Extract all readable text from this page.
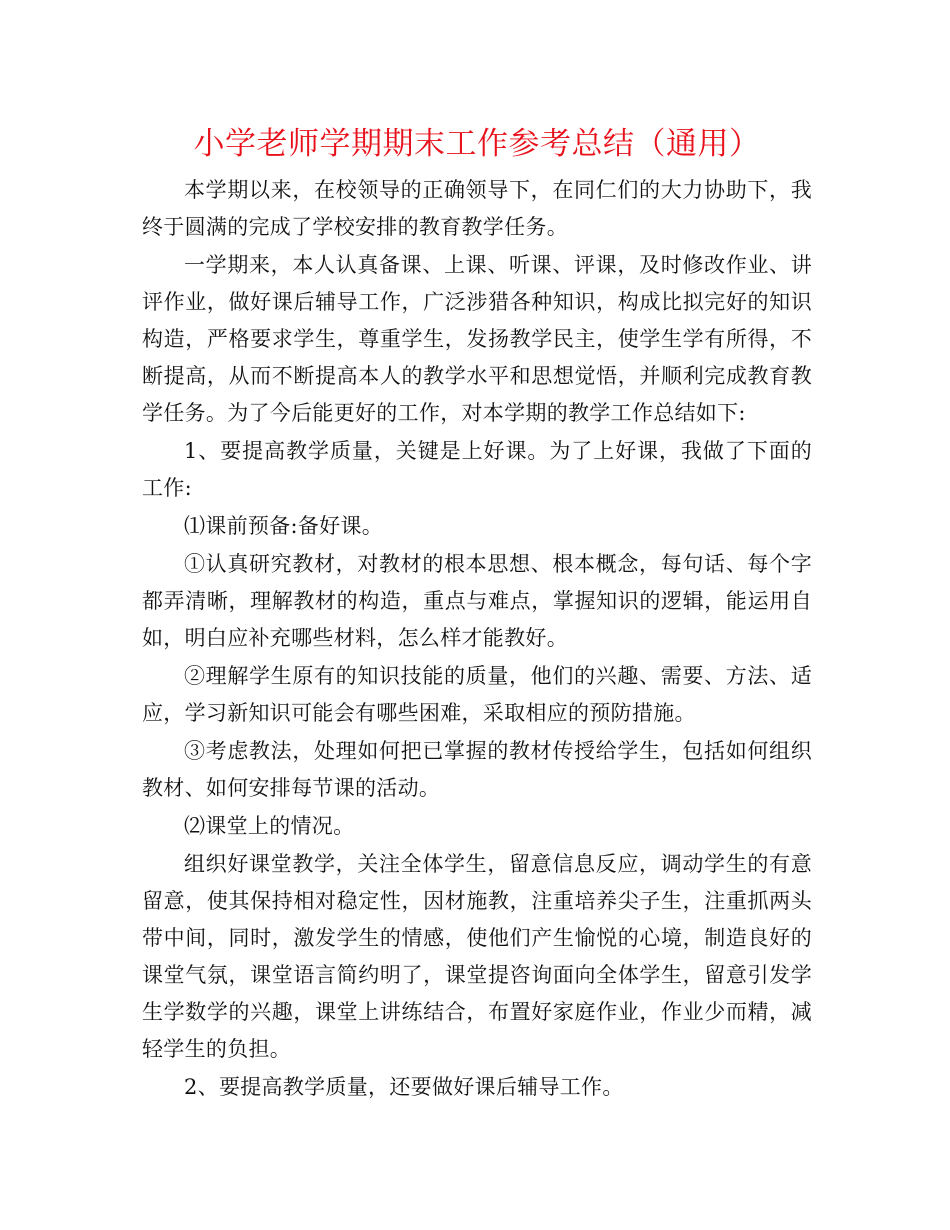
小学老师学期期末工作参考总结（通用）

本学期以来，在校领导的正确领导下，在同仁们的大力协助下，我终于圆满的完成了学校安排的教育教学任务。

一学期来，本人认真备课、上课、听课、评课，及时修改作业、讲评作业，做好课后辅导工作，广泛涉猎各种知识，构成比拟完好的知识构造，严格要求学生，尊重学生，发扬教学民主，使学生学有所得，不断提高，从而不断提高本人的教学水平和思想觉悟，并顺利完成教育教学任务。为了今后能更好的工作，对本学期的教学工作总结如下:

1、要提高教学质量，关键是上好课。为了上好课，我做了下面的工作:

⑴课前预备:备好课。

①认真研究教材，对教材的根本思想、根本概念，每句话、每个字都弄清晰，理解教材的构造，重点与难点，掌握知识的逻辑，能运用自如，明白应补充哪些材料，怎么样才能教好。

②理解学生原有的知识技能的质量，他们的兴趣、需要、方法、适应，学习新知识可能会有哪些困难，采取相应的预防措施。

③考虑教法，处理如何把已掌握的教材传授给学生，包括如何组织教材、如何安排每节课的活动。

⑵课堂上的情况。

组织好课堂教学，关注全体学生，留意信息反应，调动学生的有意留意，使其保持相对稳定性，因材施教，注重培养尖子生，注重抓两头带中间，同时，激发学生的情感，使他们产生愉悦的心境，制造良好的课堂气氛，课堂语言简约明了，课堂提咨询面向全体学生，留意引发学生学数学的兴趣，课堂上讲练结合，布置好家庭作业，作业少而精，减轻学生的负担。

2、要提高教学质量，还要做好课后辅导工作。
